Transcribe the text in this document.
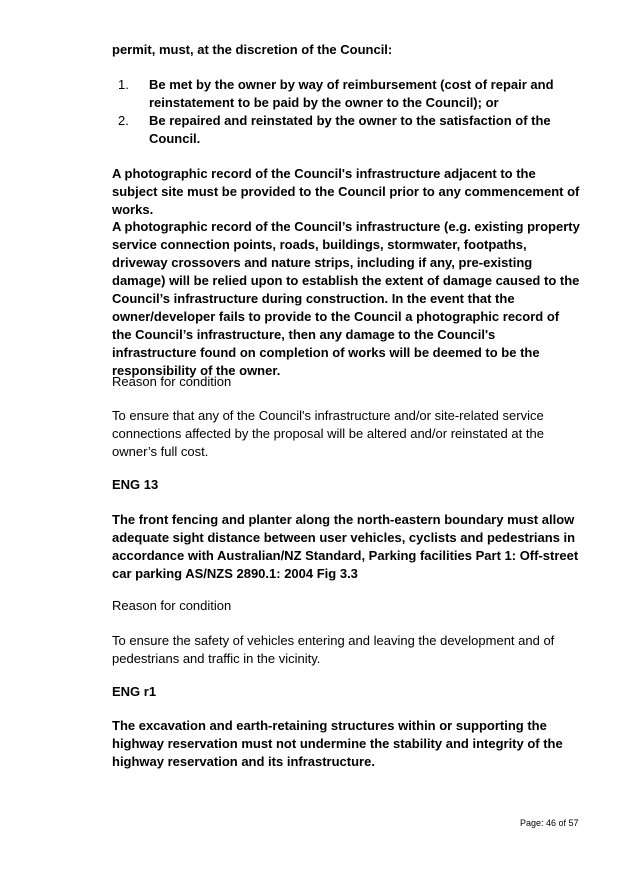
permit, must, at the discretion of the Council:

1. Be met by the owner by way of reimbursement (cost of repair and reinstatement to be paid by the owner to the Council); or
2. Be repaired and reinstated by the owner to the satisfaction of the Council.

A photographic record of the Council's infrastructure adjacent to the subject site must be provided to the Council prior to any commencement of works.

A photographic record of the Council’s infrastructure (e.g. existing property service connection points, roads, buildings, stormwater, footpaths, driveway crossovers and nature strips, including if any, pre-existing damage) will be relied upon to establish the extent of damage caused to the Council’s infrastructure during construction. In the event that the owner/developer fails to provide to the Council a photographic record of the Council’s infrastructure, then any damage to the Council's infrastructure found on completion of works will be deemed to be the responsibility of the owner.

Reason for condition

To ensure that any of the Council's infrastructure and/or site-related service connections affected by the proposal will be altered and/or reinstated at the owner’s full cost.

ENG 13

The front fencing and planter along the north-eastern boundary must allow adequate sight distance between user vehicles, cyclists and pedestrians in accordance with Australian/NZ Standard, Parking facilities Part 1: Off-street car parking AS/NZS 2890.1: 2004 Fig 3.3

Reason for condition

To ensure the safety of vehicles entering and leaving the development and of pedestrians and traffic in the vicinity.

ENG r1

The excavation and earth-retaining structures within or supporting the highway reservation must not undermine the stability and integrity of the highway reservation and its infrastructure.

Page: 46 of 57
